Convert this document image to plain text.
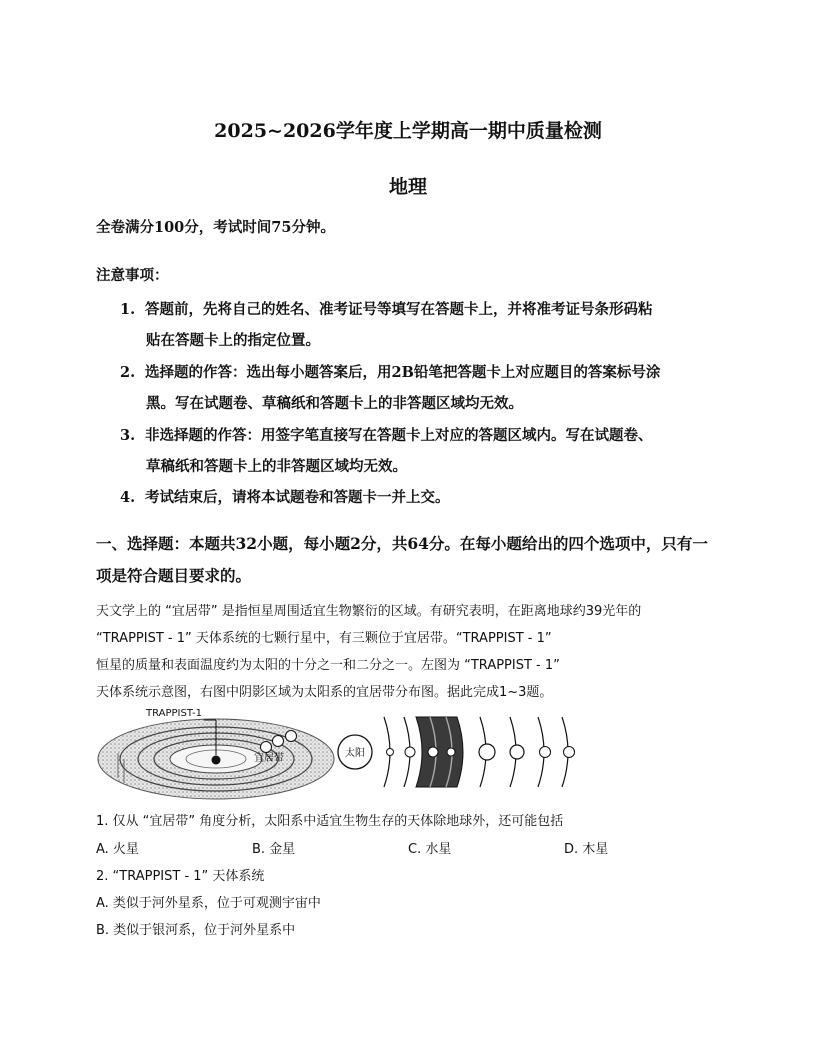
2025~2026学年度上学期高一期中质量检测
地理
全卷满分100分，考试时间75分钟。
注意事项：
1. 答题前，先将自己的姓名、准考证号等填写在答题卡上，并将准考证号条形码粘
贴在答题卡上的指定位置。
2. 选择题的作答：选出每小题答案后，用2B铅笔把答题卡上对应题目的答案标号涂
黑。写在试题卷、草稿纸和答题卡上的非答题区域均无效。
3. 非选择题的作答：用签字笔直接写在答题卡上对应的答题区域内。写在试题卷、
草稿纸和答题卡上的非答题区域均无效。
4. 考试结束后，请将本试题卷和答题卡一并上交。
一、选择题：本题共32小题，每小题2分，共64分。在每小题给出的四个选项中，只有一
项是符合题目要求的。
天文学上的 “宜居带” 是指恒星周围适宜生物繁衍的区域。有研究表明，在距离地球约39光年的
“TRAPPIST - 1” 天体系统的七颗行星中，有三颗位于宜居带。“TRAPPIST - 1”
恒星的质量和表面温度约为太阳的十分之一和二分之一。左图为 “TRAPPIST - 1”
天体系统示意图，右图中阴影区域为太阳系的宜居带分布图。据此完成1~3题。
TRAPPIST-1
宜居带	太阳
1. 仅从 “宜居带” 角度分析，太阳系中适宜生物生存的天体除地球外，还可能包括
A. 火星	B. 金星	C. 水星	D. 木星
2. “TRAPPIST - 1” 天体系统
A. 类似于河外星系，位于可观测宇宙中
B. 类似于银河系，位于河外星系中
